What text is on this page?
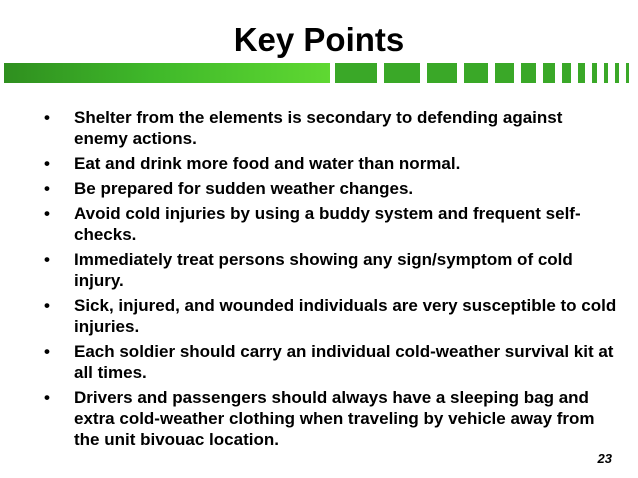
Key Points
• Shelter from the elements is secondary to defending against enemy actions.
• Eat and drink more food and water than normal.
• Be prepared for sudden weather changes.
• Avoid cold injuries by using a buddy system and frequent self-checks.
• Immediately treat persons showing any sign/symptom of cold injury.
• Sick, injured, and wounded individuals are very susceptible to cold injuries.
• Each soldier should carry an individual cold-weather survival kit at all times.
• Drivers and passengers should always have a sleeping bag and extra cold-weather clothing when traveling by vehicle away from the unit bivouac location.
23
